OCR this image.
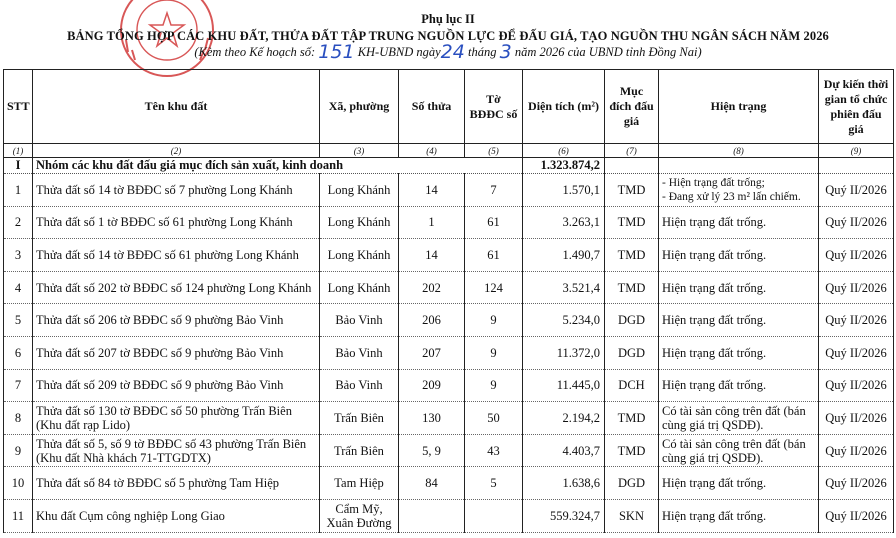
Phụ lục II
BẢNG TỔNG HỢP CÁC KHU ĐẤT, THỬA ĐẤT TẬP TRUNG NGUỒN LỰC ĐỂ ĐẤU GIÁ, TẠO NGUỒN THU NGÂN SÁCH NĂM 2026
(Kèm theo Kế hoạch số: 151 KH-UBND ngày24 tháng 3 năm 2026 của UBND tỉnh Đồng Nai)
STT	Tên khu đất	Xã, phường	Số thửa	Tờ BĐĐC số	Diện tích (m²)	Mục đích đấu giá	Hiện trạng	Dự kiến thời gian tổ chức phiên đấu giá
(1)	(2)	(3)	(4)	(5)	(6)	(7)	(8)	(9)
I	Nhóm các khu đất đấu giá mục đích sản xuất, kinh doanh				1.323.874,2			
1	Thửa đất số 14 tờ BĐĐC số 7 phường Long Khánh	Long Khánh	14	7	1.570,1	TMD	- Hiện trạng đất trống;
- Đang xử lý 23 m² lấn chiếm.	Quý II/2026
2	Thửa đất số 1 tờ BĐĐC số 61 phường Long Khánh	Long Khánh	1	61	3.263,1	TMD	Hiện trạng đất trống.	Quý II/2026
3	Thửa đất số 14 tờ BĐĐC số 61 phường Long Khánh	Long Khánh	14	61	1.490,7	TMD	Hiện trạng đất trống.	Quý II/2026
4	Thửa đất số 202 tờ BĐĐC số 124 phường Long Khánh	Long Khánh	202	124	3.521,4	TMD	Hiện trạng đất trống.	Quý II/2026
5	Thửa đất số 206 tờ BĐĐC số 9 phường Bảo Vinh	Bảo Vinh	206	9	5.234,0	DGD	Hiện trạng đất trống.	Quý II/2026
6	Thửa đất số 207 tờ BĐĐC số 9 phường Bảo Vinh	Bảo Vinh	207	9	11.372,0	DGD	Hiện trạng đất trống.	Quý II/2026
7	Thửa đất số 209 tờ BĐĐC số 9 phường Bảo Vinh	Bảo Vinh	209	9	11.445,0	DCH	Hiện trạng đất trống.	Quý II/2026
8	Thửa đất số 130 tờ BĐĐC số 50 phường Trấn Biên (Khu đất rạp Lido)	Trấn Biên	130	50	2.194,2	TMD	Có tài sản công trên đất (bán cùng giá trị QSDĐ).	Quý II/2026
9	Thửa đất số 5, số 9 tờ BĐĐC số 43 phường Trấn Biên (Khu đất Nhà khách 71-TTGDTX)	Trấn Biên	5, 9	43	4.403,7	TMD	Có tài sản công trên đất (bán cùng giá trị QSDĐ).	Quý II/2026
10	Thửa đất số 84 tờ BĐĐC số 5 phường Tam Hiệp	Tam Hiệp	84	5	1.638,6	DGD	Hiện trạng đất trống.	Quý II/2026
11	Khu đất Cụm công nghiệp Long Giao	Cẩm Mỹ, Xuân Đường			559.324,7	SKN	Hiện trạng đất trống.	Quý II/2026
